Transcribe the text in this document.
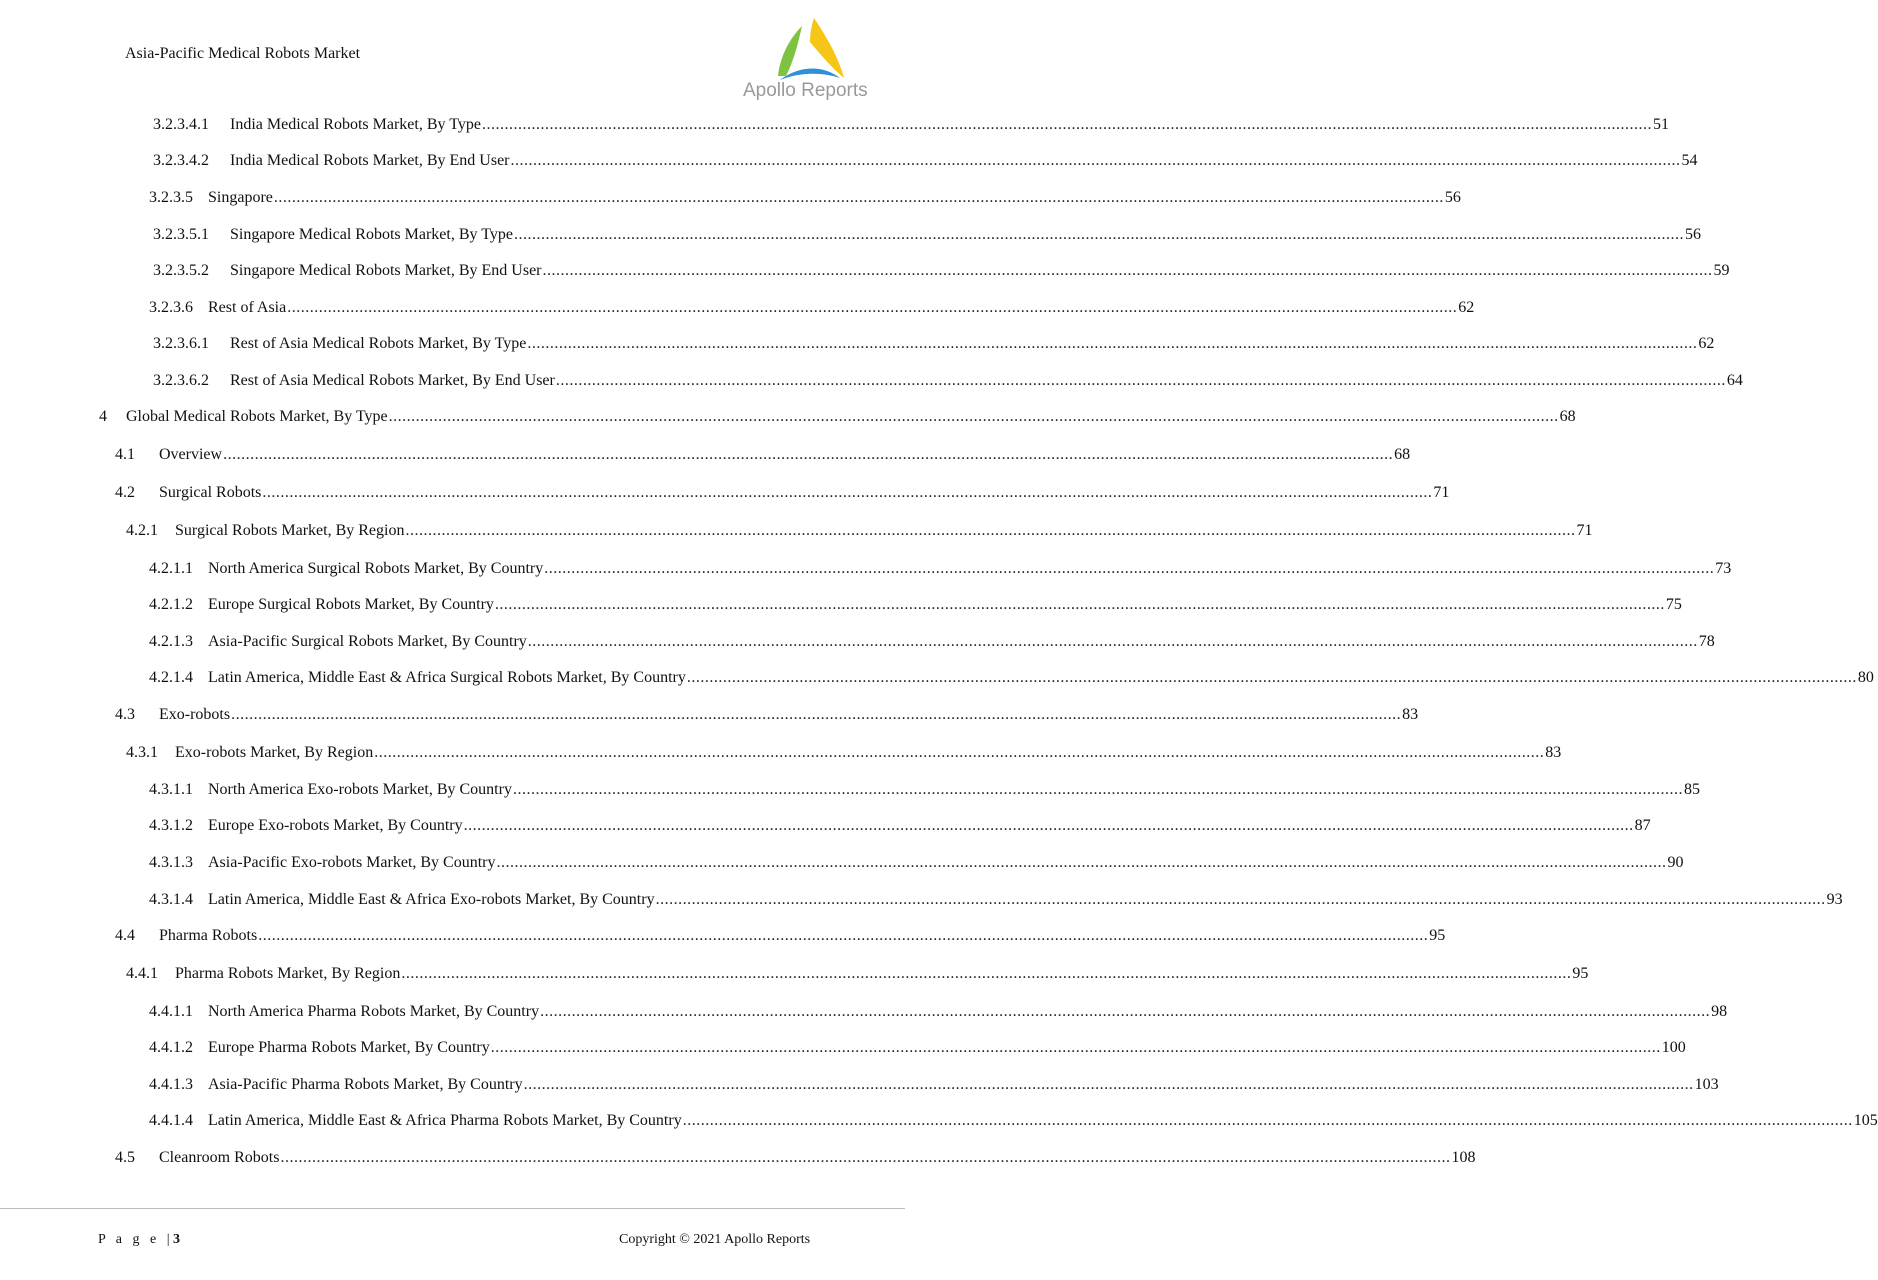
Asia-Pacific Medical Robots Market
Apollo Reports
3.2.3.4.1	India Medical Robots Market, By Type .................................................................................................................................................................................................................................................................... 51
3.2.3.4.2	India Medical Robots Market, By End User .................................................................................................................................................................................................................................................................... 54
3.2.3.5 Singapore .................................................................................................................................................................................................................................................................... 56
3.2.3.5.1	Singapore Medical Robots Market, By Type .................................................................................................................................................................................................................................................................... 56
3.2.3.5.2	Singapore Medical Robots Market, By End User .................................................................................................................................................................................................................................................................... 59
3.2.3.6 Rest of Asia .................................................................................................................................................................................................................................................................... 62
3.2.3.6.1	Rest of Asia Medical Robots Market, By Type .................................................................................................................................................................................................................................................................... 62
3.2.3.6.2	Rest of Asia Medical Robots Market, By End User .................................................................................................................................................................................................................................................................... 64
4	Global Medical Robots Market, By Type .................................................................................................................................................................................................................................................................... 68
4.1	Overview .................................................................................................................................................................................................................................................................... 68
4.2	Surgical Robots .................................................................................................................................................................................................................................................................... 71
4.2.1	Surgical Robots Market, By Region .................................................................................................................................................................................................................................................................... 71
4.2.1.1 North America Surgical Robots Market, By Country .................................................................................................................................................................................................................................................................... 73
4.2.1.2 Europe Surgical Robots Market, By Country .................................................................................................................................................................................................................................................................... 75
4.2.1.3 Asia-Pacific Surgical Robots Market, By Country .................................................................................................................................................................................................................................................................... 78
4.2.1.4 Latin America, Middle East & Africa Surgical Robots Market, By Country .................................................................................................................................................................................................................................................................... 80
4.3	Exo-robots .................................................................................................................................................................................................................................................................... 83
4.3.1	Exo-robots Market, By Region .................................................................................................................................................................................................................................................................... 83
4.3.1.1 North America Exo-robots Market, By Country .................................................................................................................................................................................................................................................................... 85
4.3.1.2 Europe Exo-robots Market, By Country .................................................................................................................................................................................................................................................................... 87
4.3.1.3 Asia-Pacific Exo-robots Market, By Country .................................................................................................................................................................................................................................................................... 90
4.3.1.4 Latin America, Middle East & Africa Exo-robots Market, By Country .................................................................................................................................................................................................................................................................... 93
4.4	Pharma Robots .................................................................................................................................................................................................................................................................... 95
4.4.1	Pharma Robots Market, By Region .................................................................................................................................................................................................................................................................... 95
4.4.1.1 North America Pharma Robots Market, By Country .................................................................................................................................................................................................................................................................... 98
4.4.1.2 Europe Pharma Robots Market, By Country .................................................................................................................................................................................................................................................................... 100
4.4.1.3 Asia-Pacific Pharma Robots Market, By Country .................................................................................................................................................................................................................................................................... 103
4.4.1.4 Latin America, Middle East & Africa Pharma Robots Market, By Country .................................................................................................................................................................................................................................................................... 105
4.5	Cleanroom Robots .................................................................................................................................................................................................................................................................... 108
P a g e |3	Copyright © 2021 Apollo Reports
